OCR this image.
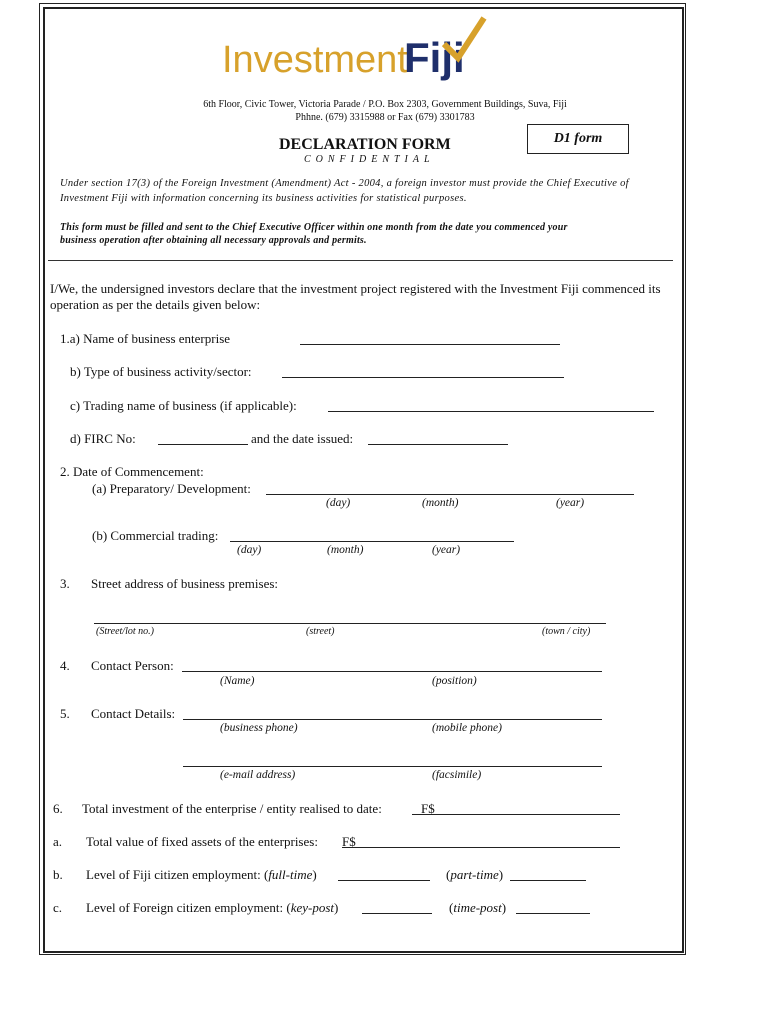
Investment
Fiji
6th Floor, Civic Tower, Victoria Parade / P.O. Box 2303, Government Buildings, Suva, Fiji
Phhne. (679) 3315988 or Fax (679) 3301783
D1 form
DECLARATION FORM
CONFIDENTIAL
Under section 17(3) of the Foreign Investment (Amendment) Act - 2004, a foreign investor must provide the Chief Executive of
Investment Fiji with information concerning its business activities for statistical purposes.
This form must be filled and sent to the Chief Executive Officer within one month from the date you commenced your
business operation after obtaining all necessary approvals and permits.
I/We, the undersigned investors declare that the investment project registered with the Investment Fiji commenced its
operation as per the details given below:
1.a) Name of business enterprise
b) Type of business activity/sector:
c) Trading name of business (if applicable):
d) FIRC No:	and the date issued:
2. Date of Commencement:
(a) Preparatory/ Development:
(day)	(month)	(year)
(b) Commercial trading:
(day)	(month)	(year)
3. Street address of business premises:
(Street/lot no.)	(street)	(town / city)
4. Contact Person:
(Name)	(position)
5. Contact Details:
(business phone)	(mobile phone)
(e-mail address)	(facsimile)
6. Total investment of the enterprise / entity realised to date:	F$
a. Total value of fixed assets of the enterprises: F$
b. Level of Fiji citizen employment: (full-time)	(part-time)
c. Level of Foreign citizen employment: (key-post)	(time-post)
